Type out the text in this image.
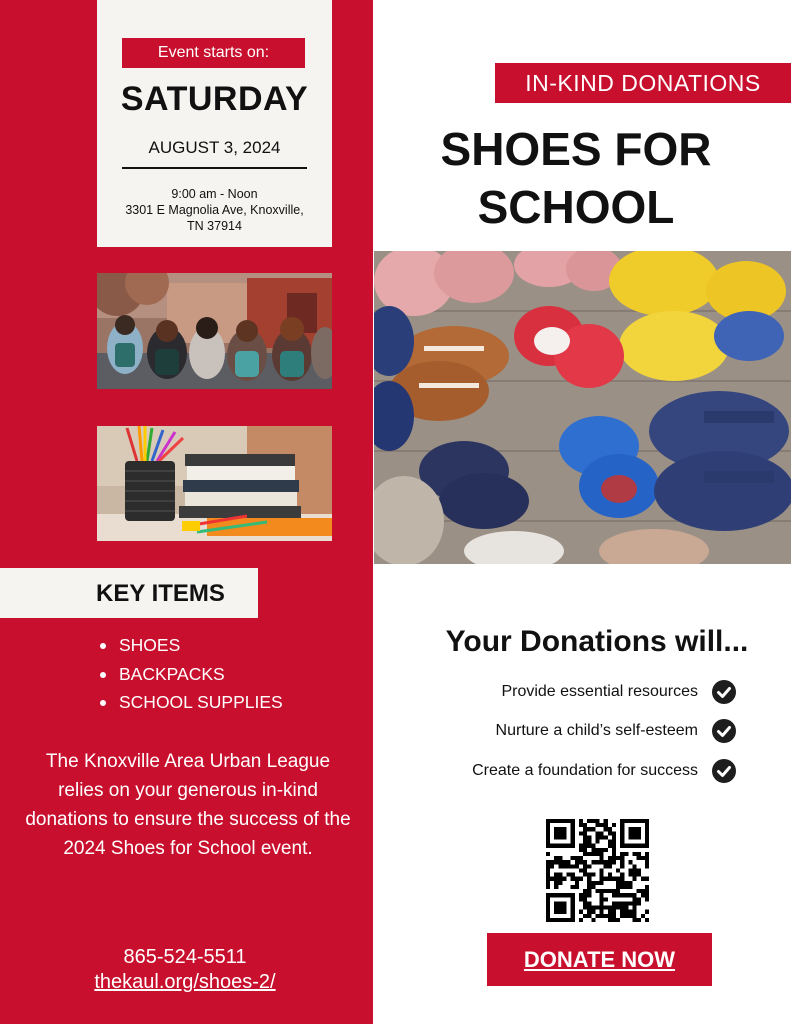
Event starts on:
SATURDAY
AUGUST 3, 2024
9:00 am - Noon
3301 E Magnolia Ave, Knoxville,
TN 37914
KEY ITEMS
SHOES
BACKPACKS
SCHOOL SUPPLIES
The Knoxville Area Urban League relies on your generous in-kind donations to ensure the success of the 2024 Shoes for School event.
865-524-5511
thekaul.org/shoes-2/
IN-KIND DONATIONS
SHOES FOR
SCHOOL
Your Donations will...
Provide essential resources
Nurture a child’s self-esteem
Create a foundation for success
DONATE NOW
